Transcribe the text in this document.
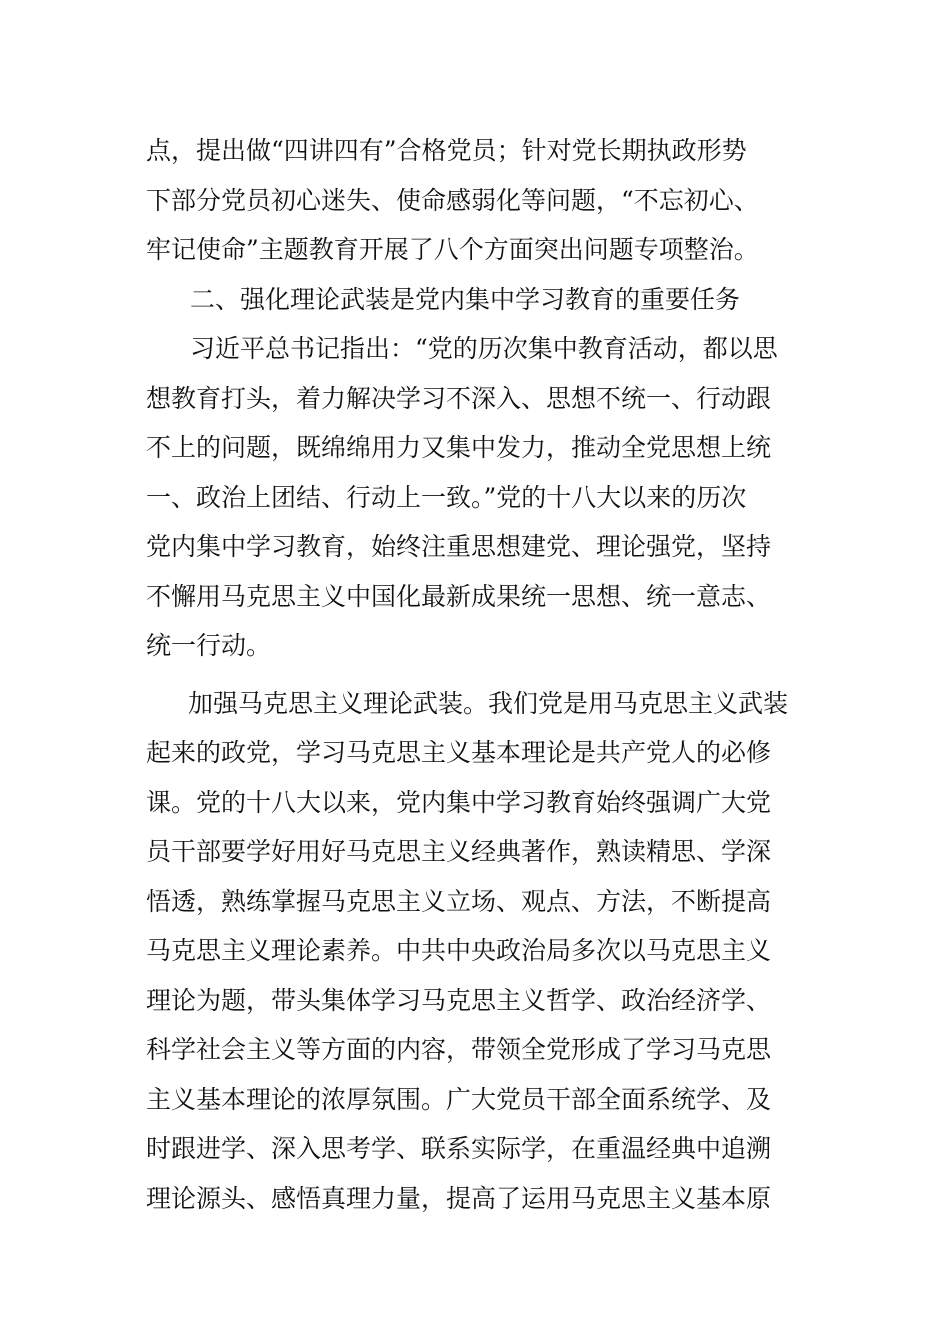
点，提出做“四讲四有”合格党员；针对党长期执政形势
下部分党员初心迷失、使命感弱化等问题，“不忘初心、
牢记使命”主题教育开展了八个方面突出问题专项整治。
二、强化理论武装是党内集中学习教育的重要任务
习近平总书记指出：“党的历次集中教育活动，都以思
想教育打头，着力解决学习不深入、思想不统一、行动跟
不上的问题，既绵绵用力又集中发力，推动全党思想上统
一、政治上团结、行动上一致。”党的十八大以来的历次
党内集中学习教育，始终注重思想建党、理论强党，坚持
不懈用马克思主义中国化最新成果统一思想、统一意志、
统一行动。
加强马克思主义理论武装。我们党是用马克思主义武装
起来的政党，学习马克思主义基本理论是共产党人的必修
课。党的十八大以来，党内集中学习教育始终强调广大党
员干部要学好用好马克思主义经典著作，熟读精思、学深
悟透，熟练掌握马克思主义立场、观点、方法，不断提高
马克思主义理论素养。中共中央政治局多次以马克思主义
理论为题，带头集体学习马克思主义哲学、政治经济学、
科学社会主义等方面的内容，带领全党形成了学习马克思
主义基本理论的浓厚氛围。广大党员干部全面系统学、及
时跟进学、深入思考学、联系实际学，在重温经典中追溯
理论源头、感悟真理力量，提高了运用马克思主义基本原
